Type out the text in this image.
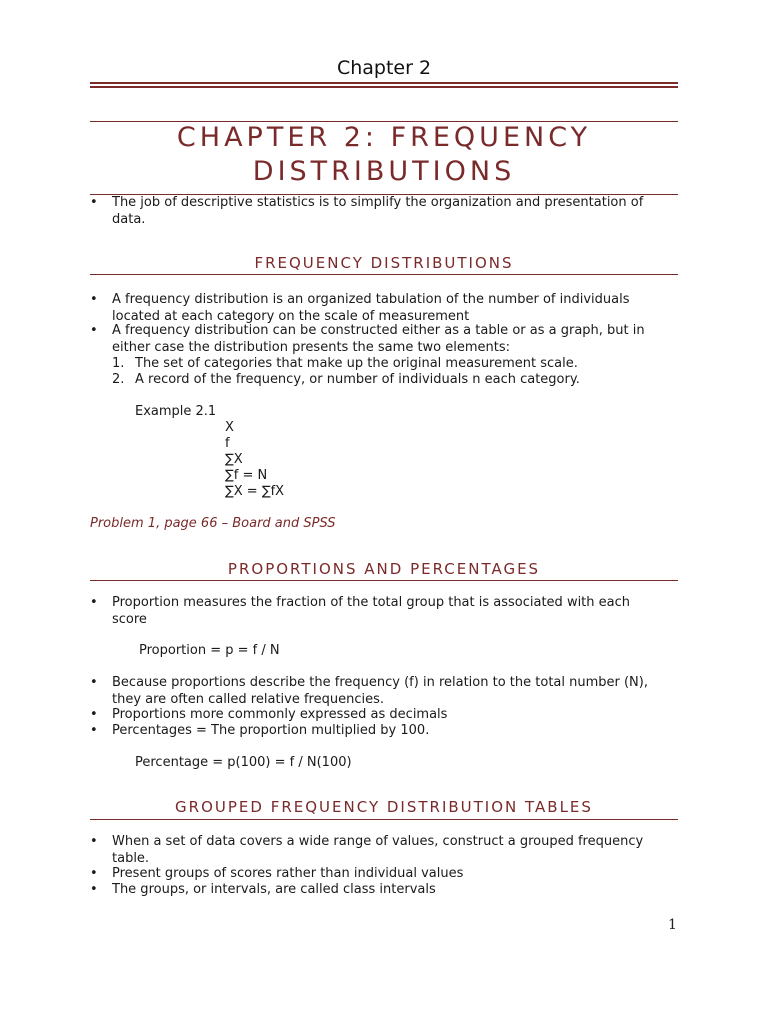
Chapter 2
CHAPTER 2: FREQUENCY
DISTRIBUTIONS
• The job of descriptive statistics is to simplify the organization and presentation of data.
FREQUENCY DISTRIBUTIONS
• A frequency distribution is an organized tabulation of the number of individuals located at each category on the scale of measurement
• A frequency distribution can be constructed either as a table or as a graph, but in either case the distribution presents the same two elements:
1. The set of categories that make up the original measurement scale.
2. A record of the frequency, or number of individuals n each category.
Example 2.1
X
f
∑X
∑f = N
∑X = ∑fX
Problem 1, page 66 – Board and SPSS
PROPORTIONS AND PERCENTAGES
• Proportion measures the fraction of the total group that is associated with each score
Proportion = p = f / N
• Because proportions describe the frequency (f) in relation to the total number (N), they are often called relative frequencies.
• Proportions more commonly expressed as decimals
• Percentages = The proportion multiplied by 100.
Percentage = p(100) = f / N(100)
GROUPED FREQUENCY DISTRIBUTION TABLES
• When a set of data covers a wide range of values, construct a grouped frequency table.
• Present groups of scores rather than individual values
• The groups, or intervals, are called class intervals
1
